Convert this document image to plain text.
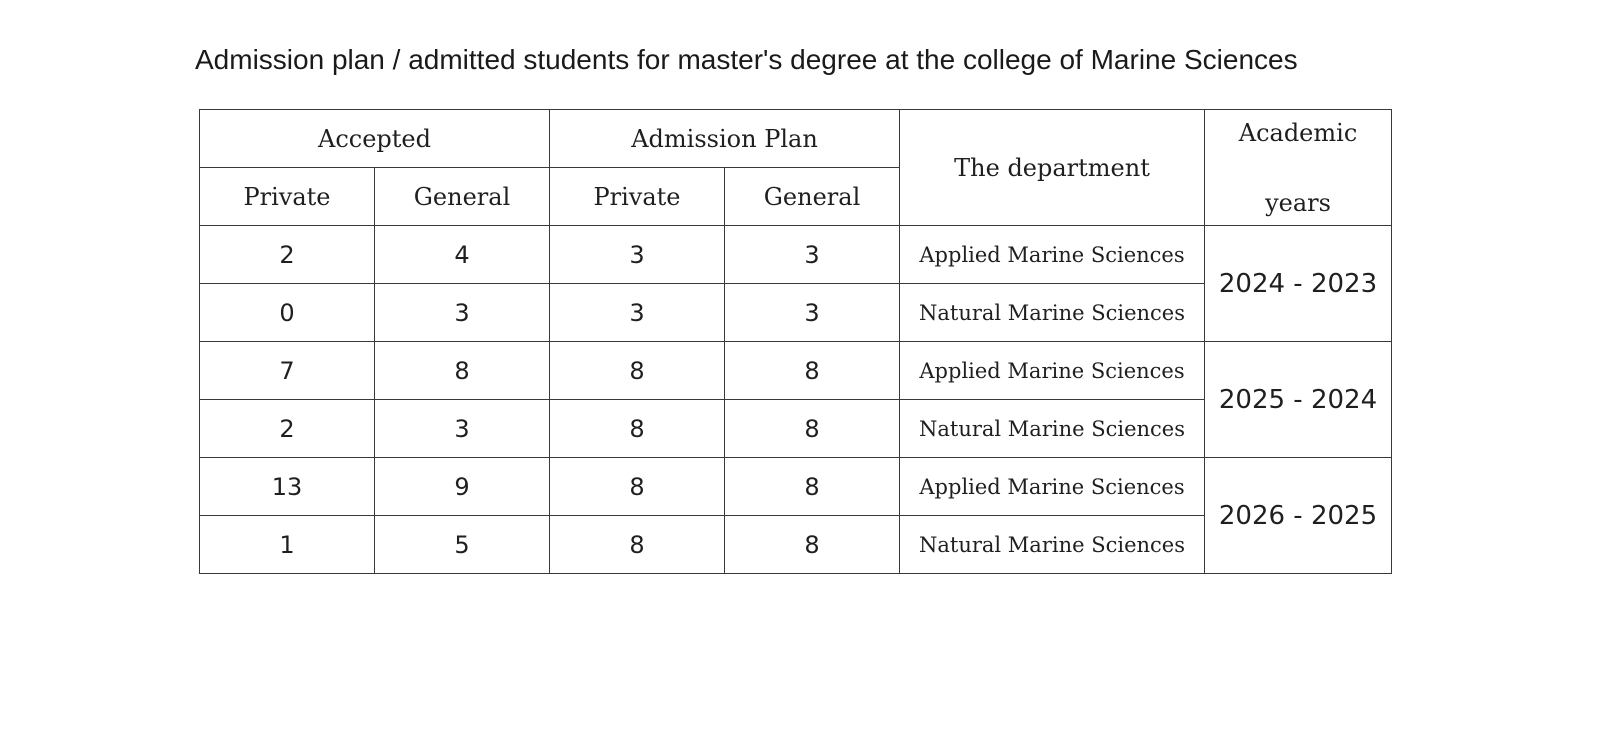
Admission plan / admitted students for master's degree at the college of Marine Sciences
Accepted		Admission Plan		The department	Academic
years

Private	General	Private	General		
2	4	3	3	Applied Marine Sciences	2024 - 2023
0	3	3	3	Natural Marine Sciences	
7	8	8	8	Applied Marine Sciences	2025 - 2024
2	3	8	8	Natural Marine Sciences	
13	9	8	8	Applied Marine Sciences	2026 - 2025
1	5	8	8	Natural Marine Sciences	
